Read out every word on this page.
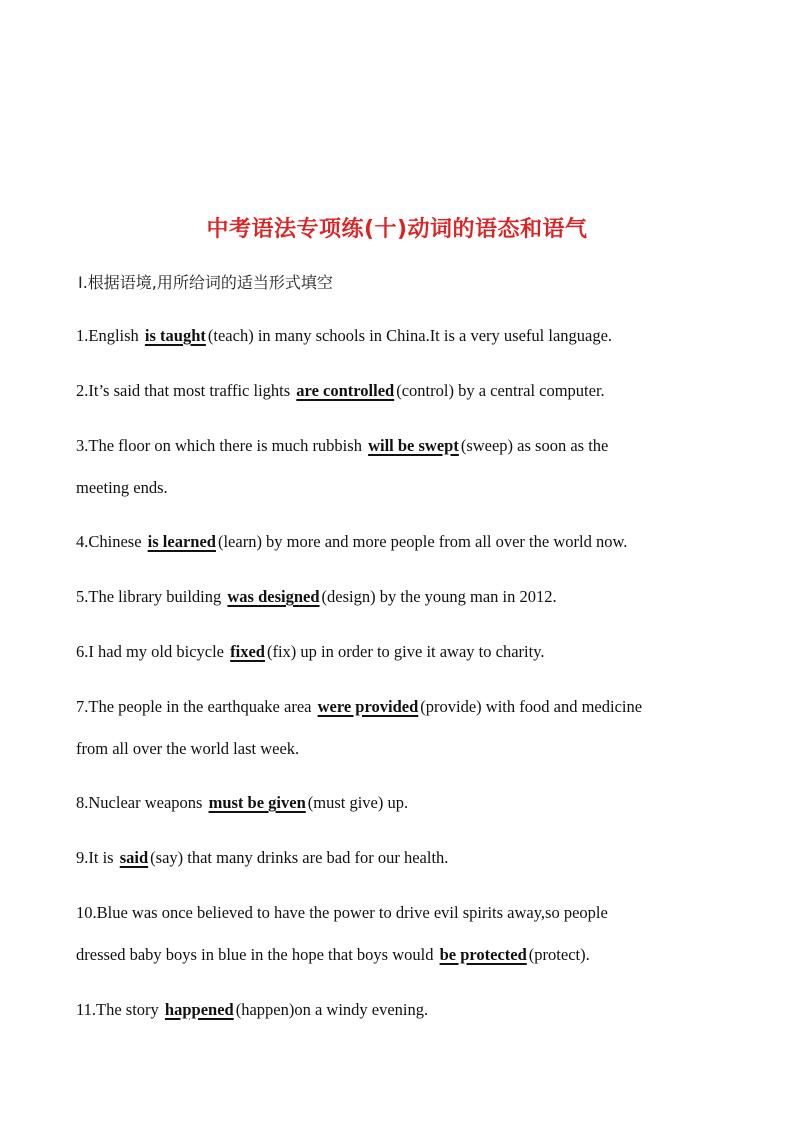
中考语法专项练(十)动词的语态和语气
Ⅰ.根据语境,用所给词的适当形式填空
1.English is taught (teach) in many schools in China.It is a very useful language.
2.It’s said that most traffic lights are controlled (control) by a central computer.
3.The floor on which there is much rubbish will be swept (sweep) as soon as the
meeting ends.
4.Chinese is learned (learn) by more and more people from all over the world now.
5.The library building was designed (design) by the young man in 2012.
6.I had my old bicycle fixed (fix) up in order to give it away to charity.
7.The people in the earthquake area were provided (provide) with food and medicine
from all over the world last week.
8.Nuclear weapons must be given (must give) up.
9.It is said (say) that many drinks are bad for our health.
10.Blue was once believed to have the power to drive evil spirits away,so people
dressed baby boys in blue in the hope that boys would be protected (protect).
11.The story happened (happen)on a windy evening.
